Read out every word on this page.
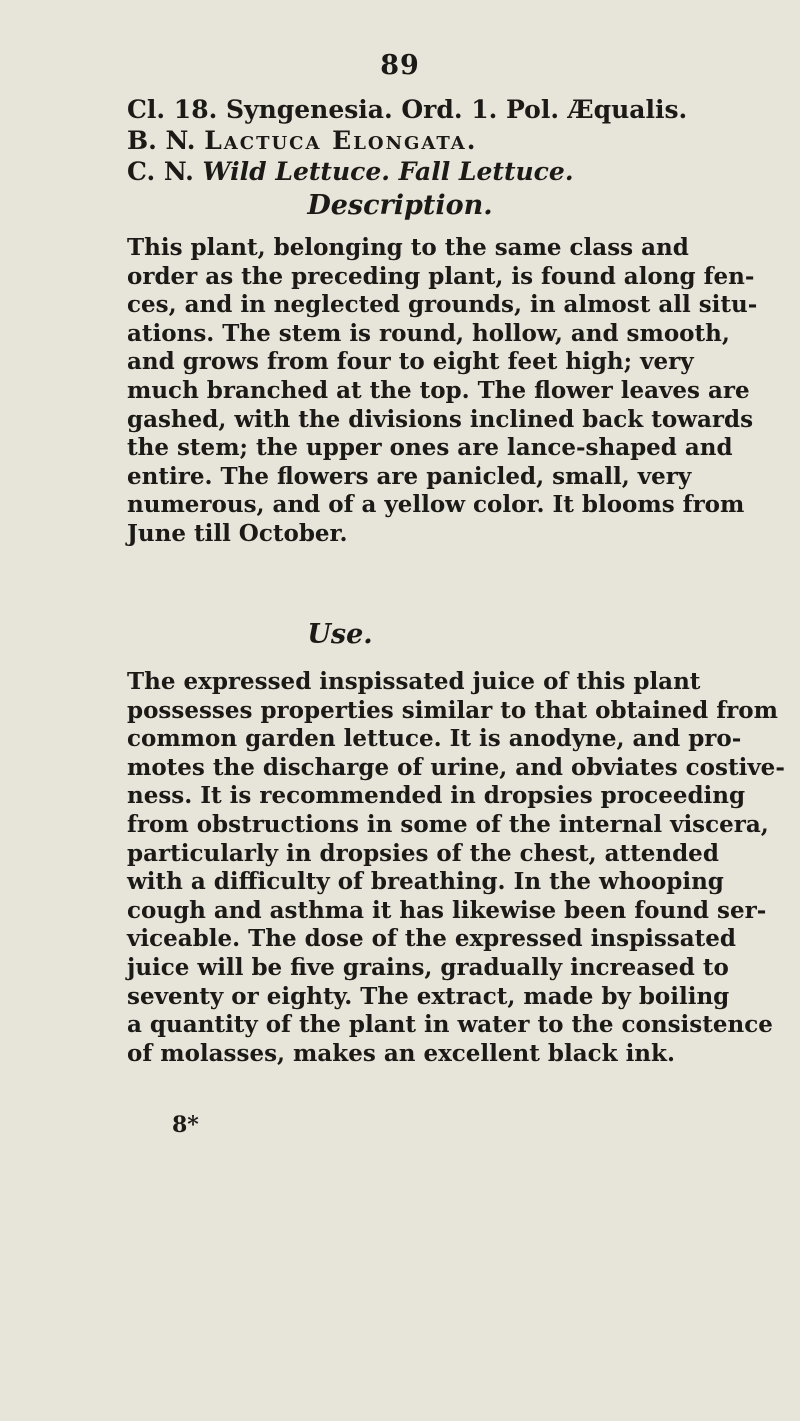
89
Cl. 18. Syngenesia. Ord. 1. Pol. Æqualis.
B. N. Lactuca Elongata.
C. N. Wild Lettuce. Fall Lettuce.
Description.
This plant, belonging to the same class and
order as the preceding plant, is found along fen-
ces, and in neglected grounds, in almost all situ-
ations. The stem is round, hollow, and smooth,
and grows from four to eight feet high; very
much branched at the top. The flower leaves are
gashed, with the divisions inclined back towards
the stem; the upper ones are lance-shaped and
entire. The flowers are panicled, small, very
numerous, and of a yellow color. It blooms from
June till October.
Use.
The expressed inspissated juice of this plant
possesses properties similar to that obtained from
common garden lettuce. It is anodyne, and pro-
motes the discharge of urine, and obviates costive-
ness. It is recommended in dropsies proceeding
from obstructions in some of the internal viscera,
particularly in dropsies of the chest, attended
with a difficulty of breathing. In the whooping
cough and asthma it has likewise been found ser-
viceable. The dose of the expressed inspissated
juice will be five grains, gradually increased to
seventy or eighty. The extract, made by boiling
a quantity of the plant in water to the consistence
of molasses, makes an excellent black ink.
8*
